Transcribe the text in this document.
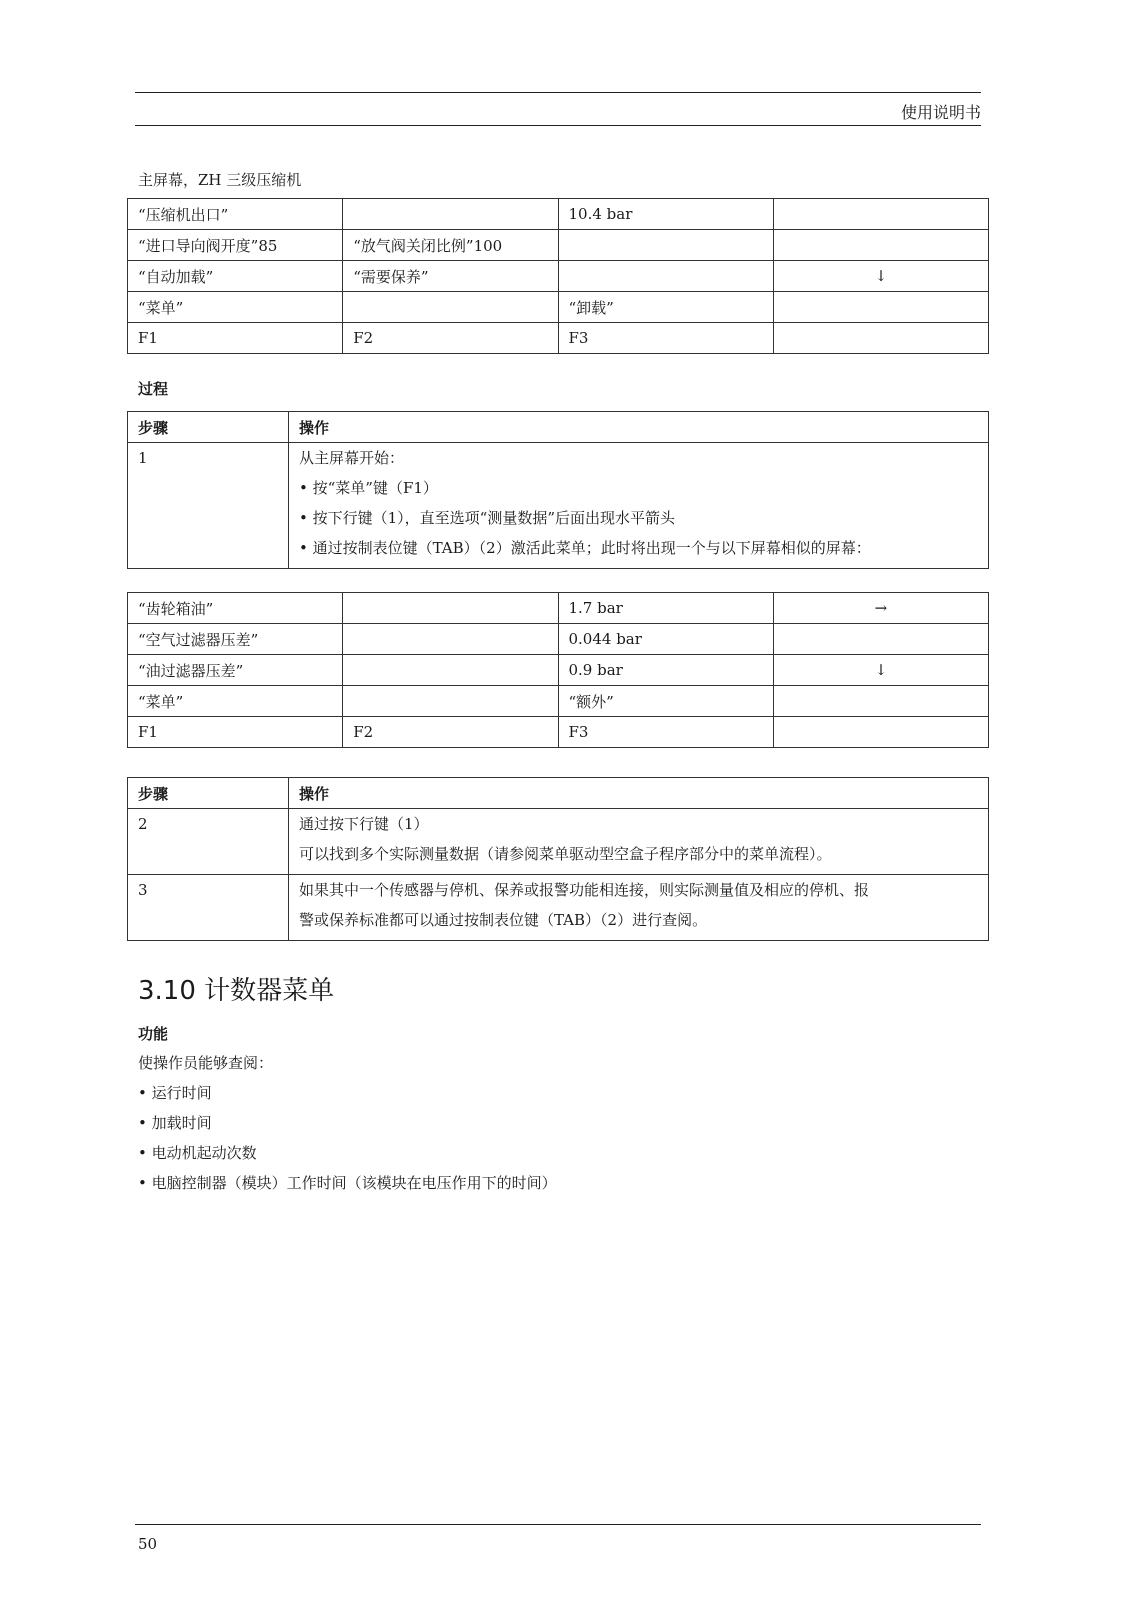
使用说明书
主屏幕，ZH 三级压缩机
“压缩机出口”		10.4 bar	
“进口导向阀开度”85	“放气阀关闭比例”100		
“自动加载”	“需要保养”		↓
“菜单”		“卸载”	
F1	F2	F3	
过程
步骤	操作

1	从主屏幕开始：
• 按“菜单”键（F1）
• 按下行键（1），直至选项“测量数据”后面出现水平箭头
• 通过按制表位键（TAB）（2）激活此菜单；此时将出现一个与以下屏幕相似的屏幕：
“齿轮箱油”		1.7 bar	→
“空气过滤器压差”		0.044 bar	
“油过滤器压差”		0.9 bar	↓
“菜单”		“额外”	
F1	F2	F3	
步骤	操作

2	通过按下行键（1）
可以找到多个实际测量数据（请参阅菜单驱动型空盒子程序部分中的菜单流程）。

3	如果其中一个传感器与停机、保养或报警功能相连接，则实际测量值及相应的停机、报
警或保养标准都可以通过按制表位键（TAB）（2）进行查阅。
3.10 计数器菜单
功能
使操作员能够查阅：
• 运行时间
• 加载时间
• 电动机起动次数
• 电脑控制器（模块）工作时间（该模块在电压作用下的时间）
50
